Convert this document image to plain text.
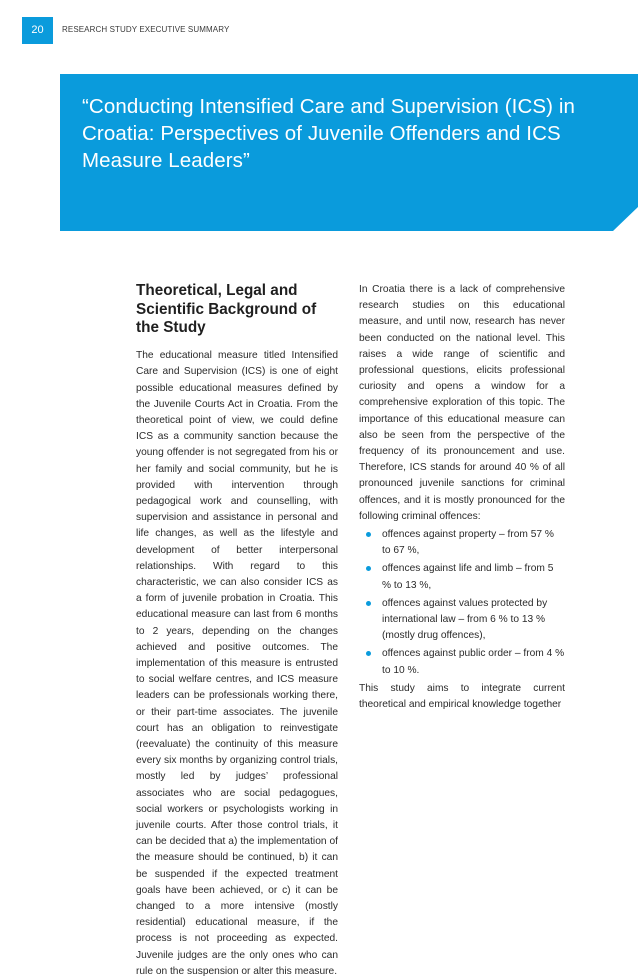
20	RESEARCH STUDY EXECUTIVE SUMMARY
“Conducting Intensified Care and Supervision (ICS) in Croatia: Perspectives of Juvenile Offenders and ICS Measure Leaders”
Theoretical, Legal and Scientific Background of the Study

The educational measure titled Intensified Care and Supervision (ICS) is one of eight possible educational measures defined by the Juvenile Courts Act in Croatia. From the theoretical point of view, we could define ICS as a community sanction because the young offender is not segregated from his or her family and social community, but he is provided with intervention through pedagogical work and counselling, with supervision and assistance in personal and life changes, as well as the lifestyle and development of better interpersonal relationships. With regard to this characteristic, we can also consider ICS as a form of juvenile probation in Croatia. This educational measure can last from 6 months to 2 years, depending on the changes achieved and positive outcomes. The implementation of this measure is entrusted to social welfare centres, and ICS measure leaders can be professionals working there, or their part-time associates. The juvenile court has an obligation to reinvestigate (reevaluate) the continuity of this measure every six months by organizing control trials, mostly led by judges’ professional associates who are social pedagogues, social workers or psychologists working in juvenile courts. After those control trials, it can be decided that a) the implementation of the measure should be continued, b) it can be suspended if the expected treatment goals have been achieved, or c) it can be changed to a more intensive (mostly residential) educational measure, if the process is not proceeding as expected. Juvenile judges are the only ones who can rule on the suspension or alter this measure.

In Croatia there is a lack of comprehensive research studies on this educational measure, and until now, research has never been conducted on the national level. This raises a wide range of scientific and professional questions, elicits professional curiosity and opens a window for a comprehensive exploration of this topic. The importance of this educational measure can also be seen from the perspective of the frequency of its pronouncement and use. Therefore, ICS stands for around 40 % of all pronounced juvenile sanctions for criminal offences, and it is mostly pronounced for the following criminal offences:

offences against property – from 57 % to 67 %,
offences against life and limb – from 5 % to 13 %,
offences against values protected by international law – from 6 % to 13 % (mostly drug offences),
offences against public order – from 4 % to 10 %.

This study aims to integrate current theoretical and empirical knowledge together
